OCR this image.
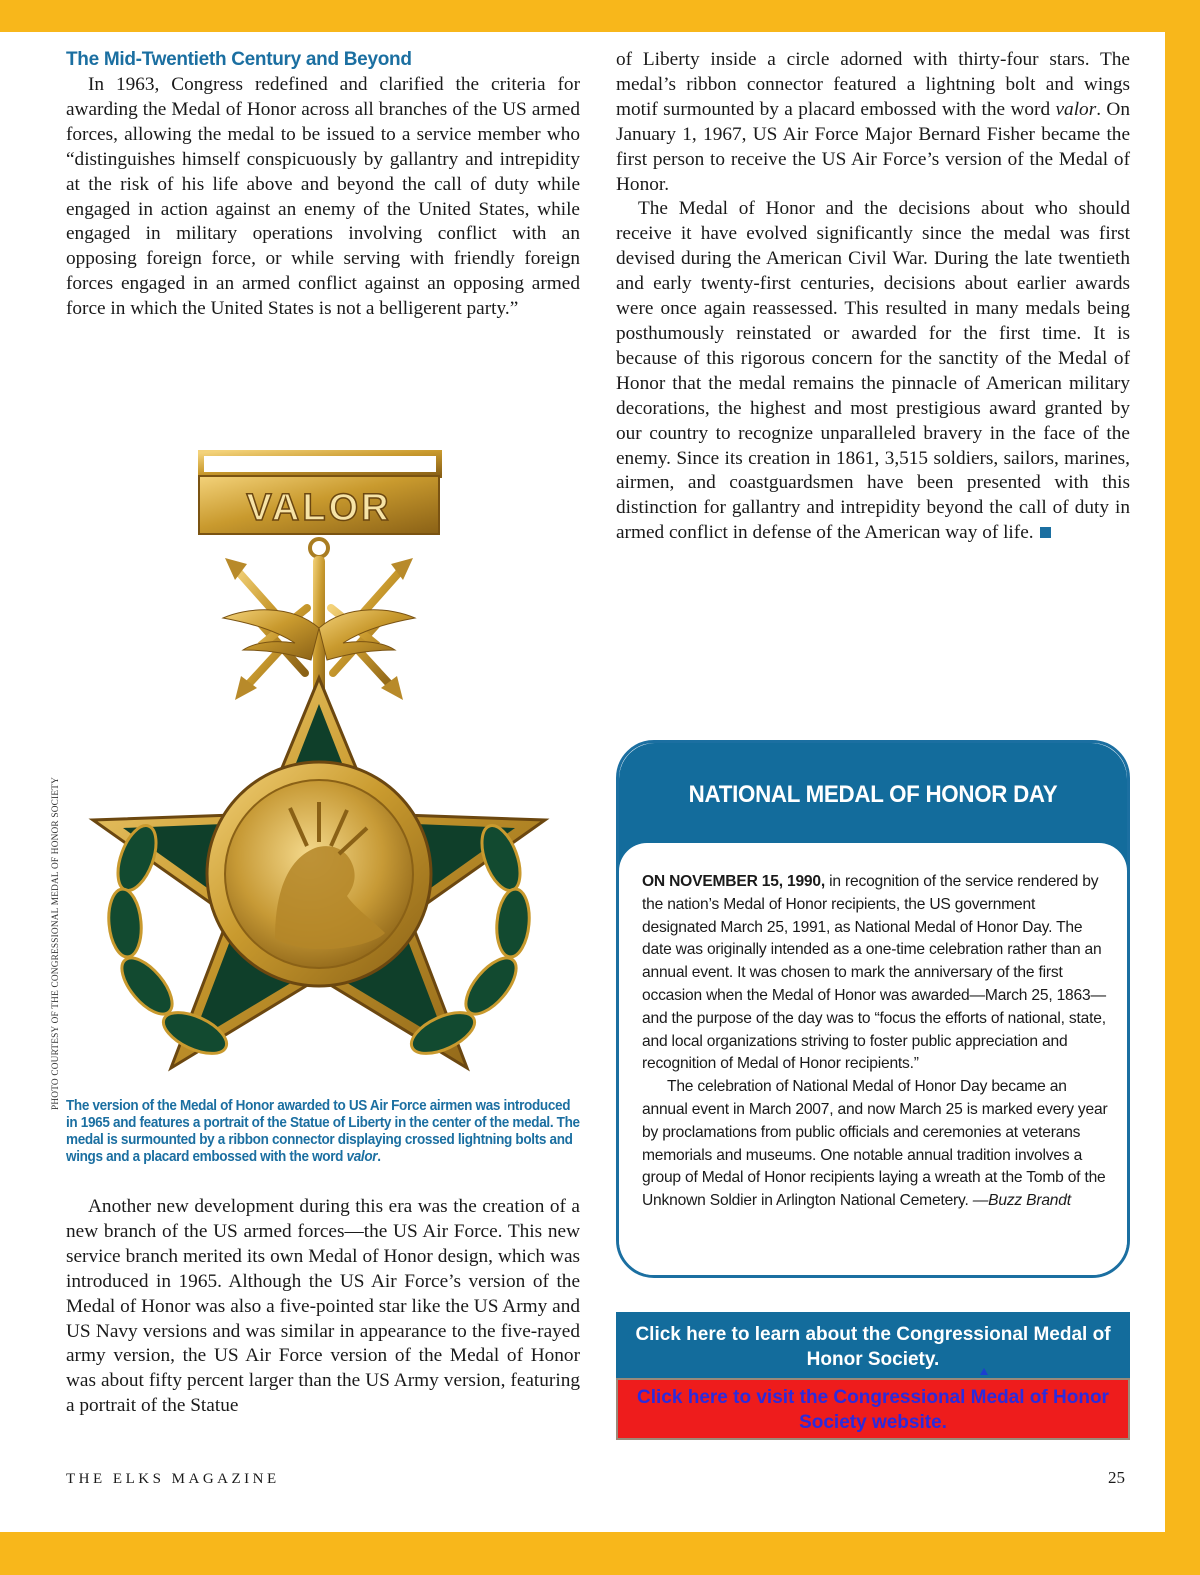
The Mid-Twentieth Century and Beyond

In 1963, Congress redefined and clarified the criteria for awarding the Medal of Honor across all branches of the US armed forces, allowing the medal to be issued to a service member who “distinguishes himself conspicuously by gallantry and intrepidity at the risk of his life above and beyond the call of duty while engaged in action against an enemy of the United States, while engaged in military operations involving conflict with an opposing foreign force, or while serving with friendly foreign forces engaged in an armed conflict against an opposing armed force in which the United States is not a belligerent party.”

VALOR
PHOTO COURTESY OF THE CONGRESSIONAL MEDAL OF HONOR SOCIETY The version of the Medal of Honor awarded to US Air Force airmen was introduced in 1965 and features a portrait of the Statue of Liberty in the center of the medal. The medal is surmounted by a ribbon connector displaying crossed lightning bolts and wings and a placard embossed with the word valor.

Another new development during this era was the creation of a new branch of the US armed forces—the US Air Force. This new service branch merited its own Medal of Honor design, which was introduced in 1965. Although the US Air Force’s version of the Medal of Honor was also a five-pointed star like the US Army and US Navy versions and was similar in appearance to the five-rayed army version, the US Air Force version of the Medal of Honor was about fifty percent larger than the US Army version, featuring a portrait of the Statue

of Liberty inside a circle adorned with thirty-four stars. The medal’s ribbon connector featured a lightning bolt and wings motif surmounted by a placard embossed with the word valor. On January 1, 1967, US Air Force Major Bernard Fisher became the first person to receive the US Air Force’s version of the Medal of Honor.

The Medal of Honor and the decisions about who should receive it have evolved significantly since the medal was first devised during the American Civil War. During the late twentieth and early twenty-first centuries, decisions about earlier awards were once again reassessed. This resulted in many medals being posthumously reinstated or awarded for the first time. It is because of this rigorous concern for the sanctity of the Medal of Honor that the medal remains the pinnacle of American military decorations, the highest and most prestigious award granted by our country to recognize unparalleled bravery in the face of the enemy. Since its creation in 1861, 3,515 soldiers, sailors, marines, airmen, and coastguardsmen have been presented with this distinction for gallantry and intrepidity beyond the call of duty in armed conflict in defense of the American way of life.

NATIONAL MEDAL OF HONOR DAY

ON NOVEMBER 15, 1990, in recognition of the service rendered by the nation’s Medal of Honor recipients, the US government designated March 25, 1991, as National Medal of Honor Day. The date was originally intended as a one-time celebration rather than an annual event. It was chosen to mark the anniversary of the first occasion when the Medal of Honor was awarded—March 25, 1863—and the purpose of the day was to “focus the efforts of national, state, and local organizations striving to foster public appreciation and recognition of Medal of Honor recipients.”

The celebration of National Medal of Honor Day became an annual event in March 2007, and now March 25 is marked every year by proclamations from public officials and ceremonies at veterans memorials and museums. One notable annual tradition involves a group of Medal of Honor recipients laying a wreath at the Tomb of the Unknown Soldier in Arlington National Cemetery. —Buzz Brandt

Click here to learn about the Congressional Medal of Honor Society.
Click here to visit the Congressional Medal of Honor Society website.
THE ELKS MAGAZINE	25
